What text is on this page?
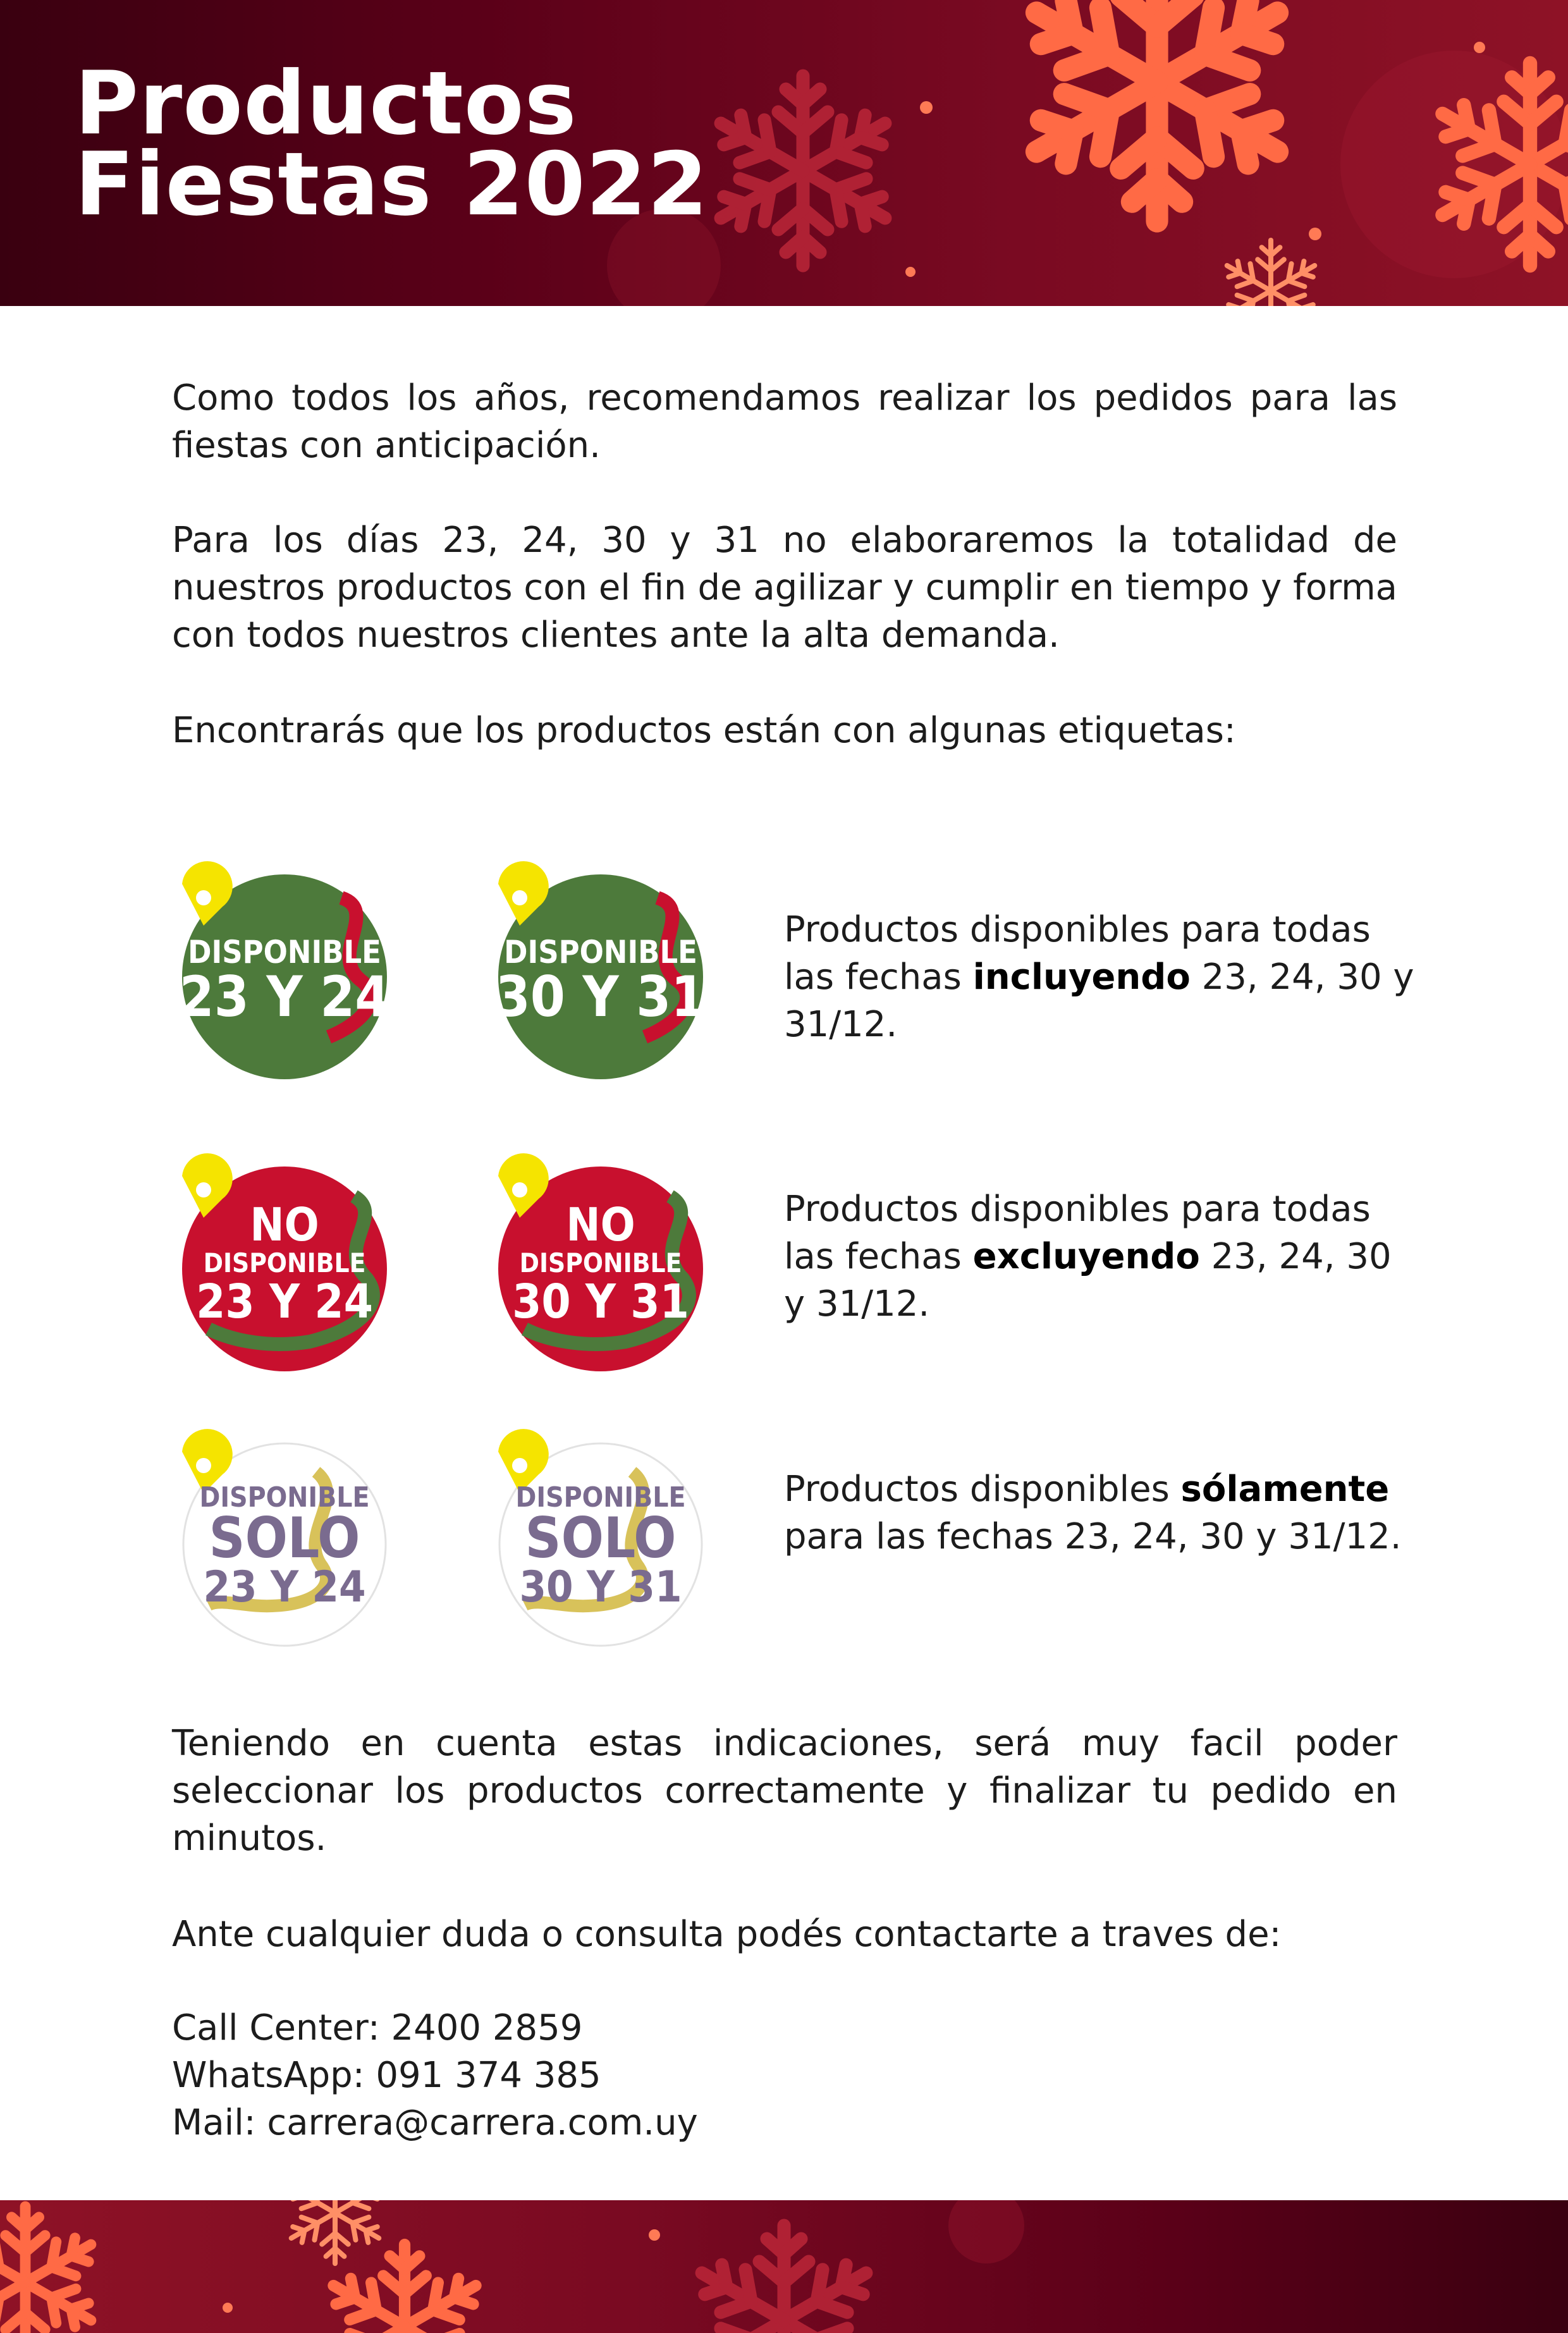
Productos
Fiestas 2022

Como todos los años, recomendamos realizar los pedidos para las fiestas con anticipación.

Para los días 23, 24, 30 y 31 no elaboraremos la totalidad de nuestros productos con el fin de agilizar y cumplir en tiempo y forma con todos nuestros clientes ante la alta demanda.

Encontrarás que los productos están con algunas etiquetas:

DISPONIBLE
23 Y 24
DISPONIBLE
30 Y 31

Productos disponibles para todas las fechas incluyendo 23, 24, 30 y 31/12.

NO
DISPONIBLE
23 Y 24
NO
DISPONIBLE
30 Y 31

Productos disponibles para todas las fechas excluyendo 23, 24, 30 y 31/12.

DISPONIBLE
SOLO
23 Y 24
DISPONIBLE
SOLO
30 Y 31

Productos disponibles sólamente para las fechas 23, 24, 30 y 31/12.

Teniendo en cuenta estas indicaciones, será muy facil poder seleccionar los productos correctamente y finalizar tu pedido en minutos.

Ante cualquier duda o consulta podés contactarte a traves de:

Call Center: 2400 2859
WhatsApp: 091 374 385
Mail: carrera@carrera.com.uy
